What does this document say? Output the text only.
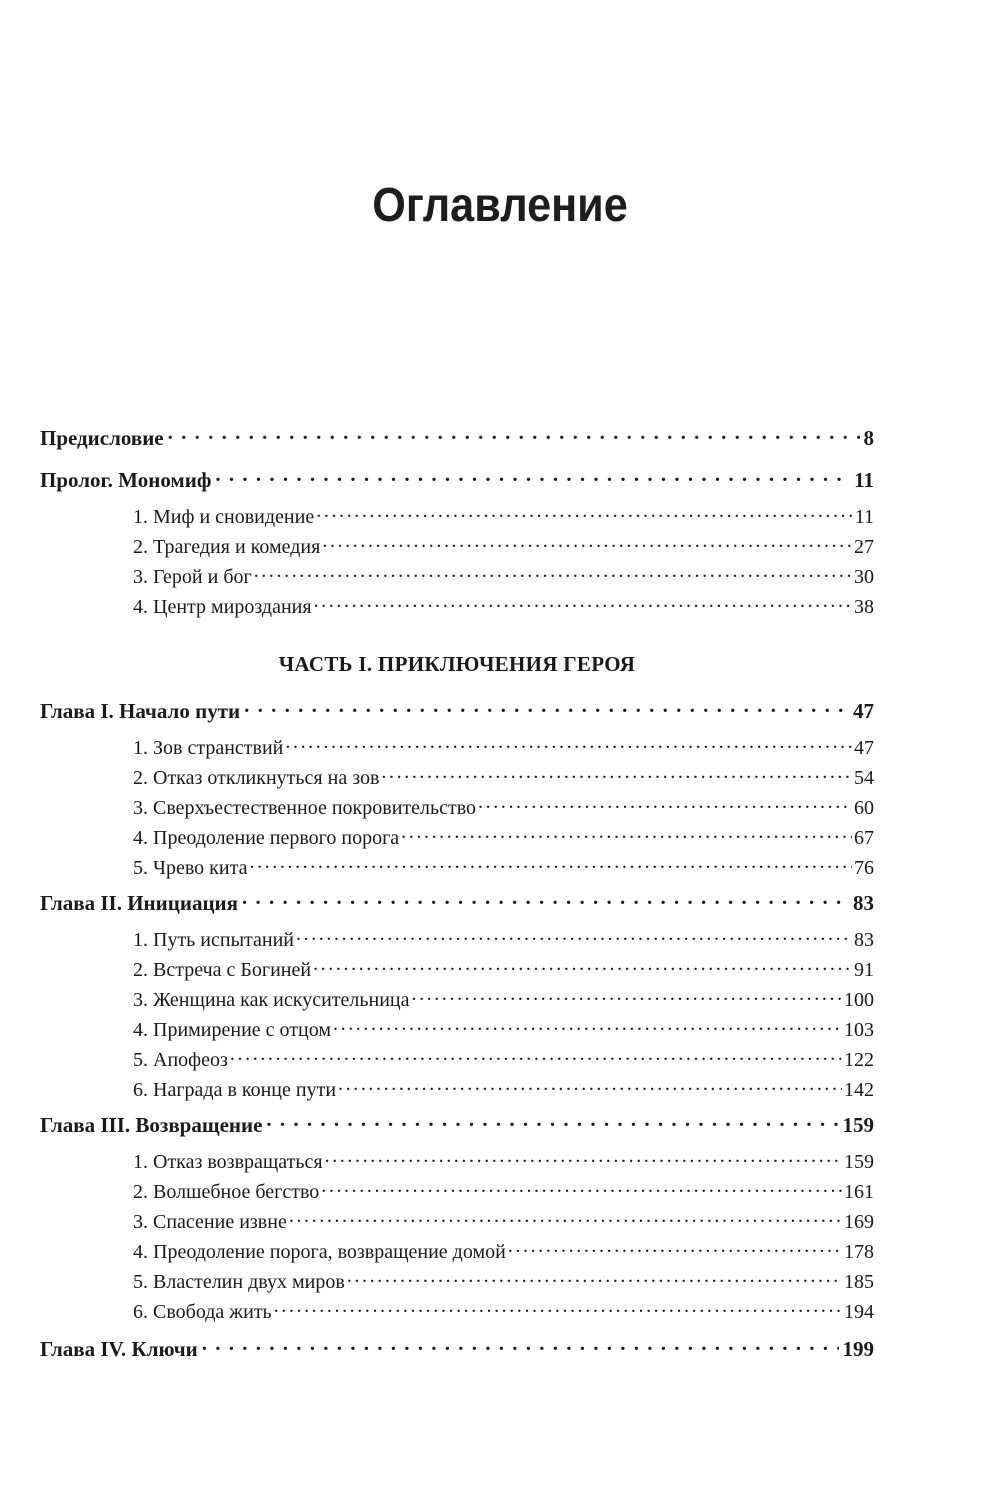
Оглавление
Предисловие . . .	8
Пролог. Мономиф . . .	11
1. Миф и сновидение .....	11
2. Трагедия и комедия .....	27
3. Герой и бог .....	30
4. Центр мироздания .....	38
ЧАСТЬ I. ПРИКЛЮЧЕНИЯ ГЕРОЯ
Глава I. Начало пути . . .	47
1. Зов странствий .....	47
2. Отказ откликнуться на зов .....	54
3. Сверхъестественное покровительство .....	60
4. Преодоление первого порога .....	67
5. Чрево кита .....	76
Глава II. Инициация . . .	83
1. Путь испытаний .....	83
2. Встреча с Богиней .....	91
3. Женщина как искусительница .....	100
4. Примирение с отцом .....	103
5. Апофеоз .....	122
6. Награда в конце пути .....	142
Глава III. Возвращение . . .	159
1. Отказ возвращаться .....	159
2. Волшебное бегство .....	161
3. Спасение извне .....	169
4. Преодоление порога, возвращение домой .....	178
5. Властелин двух миров .....	185
6. Свобода жить .....	194
Глава IV. Ключи . . .	199
